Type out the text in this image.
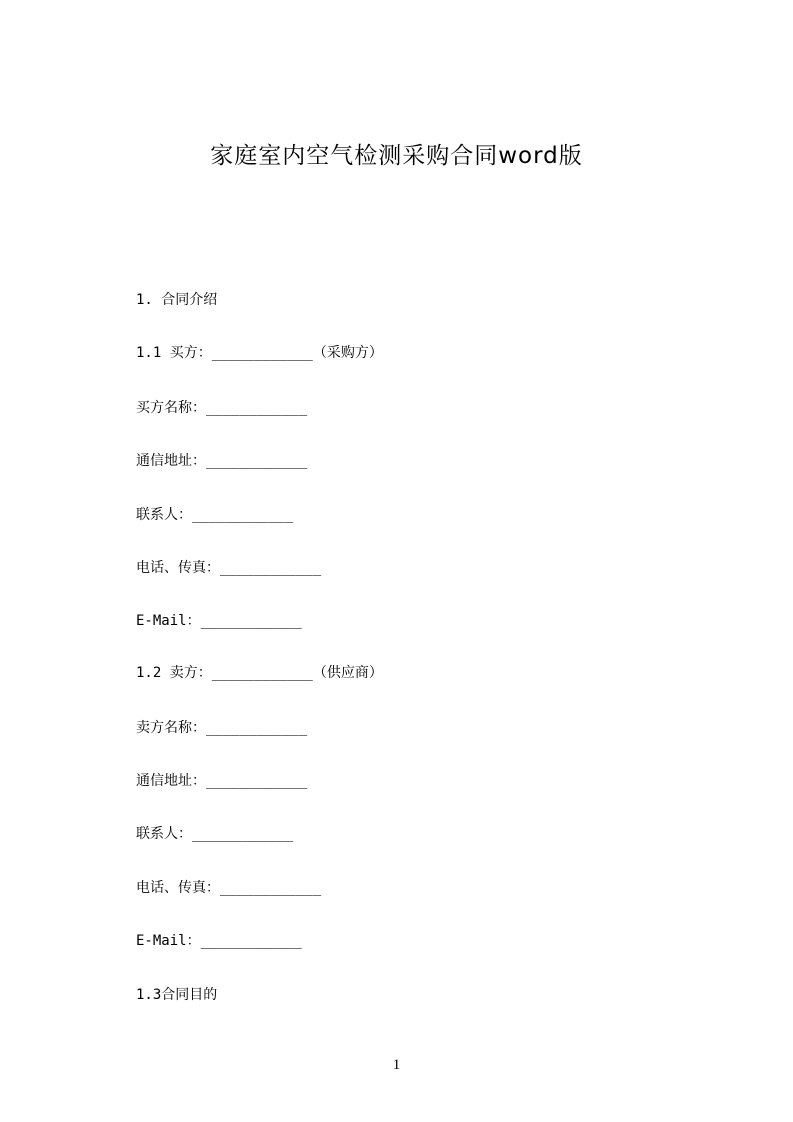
家庭室内空气检测采购合同word版
1. 合同介绍
1.1 买方：____________（采购方）
买方名称：____________
通信地址：____________
联系人：____________
电话、传真：____________
E-Mail：____________
1.2 卖方：____________（供应商）
卖方名称：____________
通信地址：____________
联系人：____________
电话、传真：____________
E-Mail：____________
1.3合同目的
1
